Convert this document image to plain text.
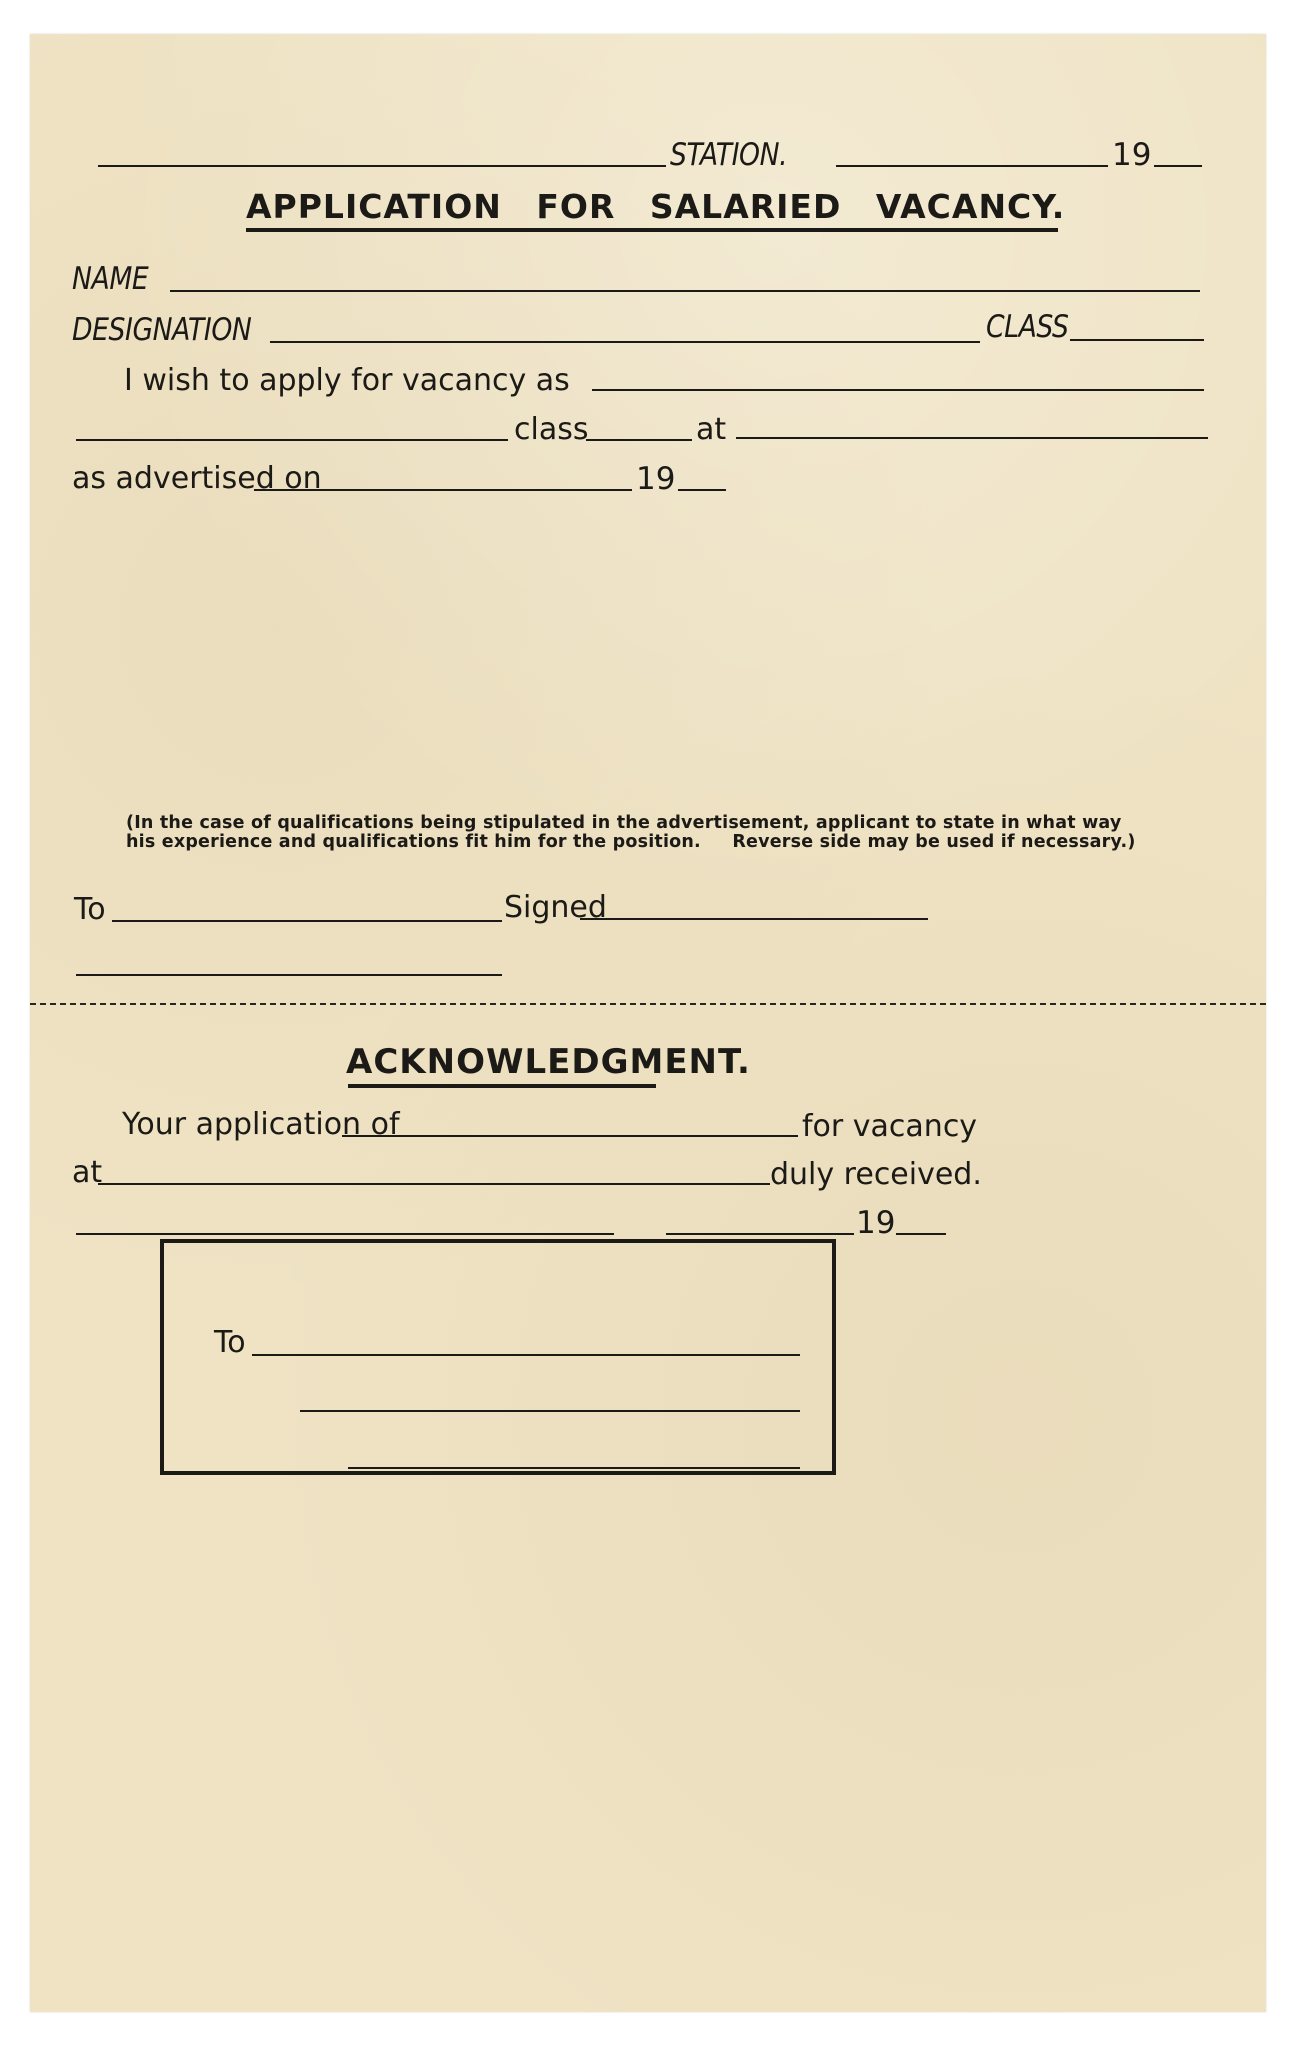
STATION.	19
APPLICATION FOR SALARIED VACANCY.
NAME
DESIGNATION	CLASS
I wish to apply for vacancy as
class	at
as advertised on	19
(In the case of qualifications being stipulated in the advertisement, applicant to state in what way
his experience and qualifications fit him for the position.     Reverse side may be used if necessary.)
To	Signed
ACKNOWLEDGMENT.
Your application of	for vacancy
at	duly received.
19
To
